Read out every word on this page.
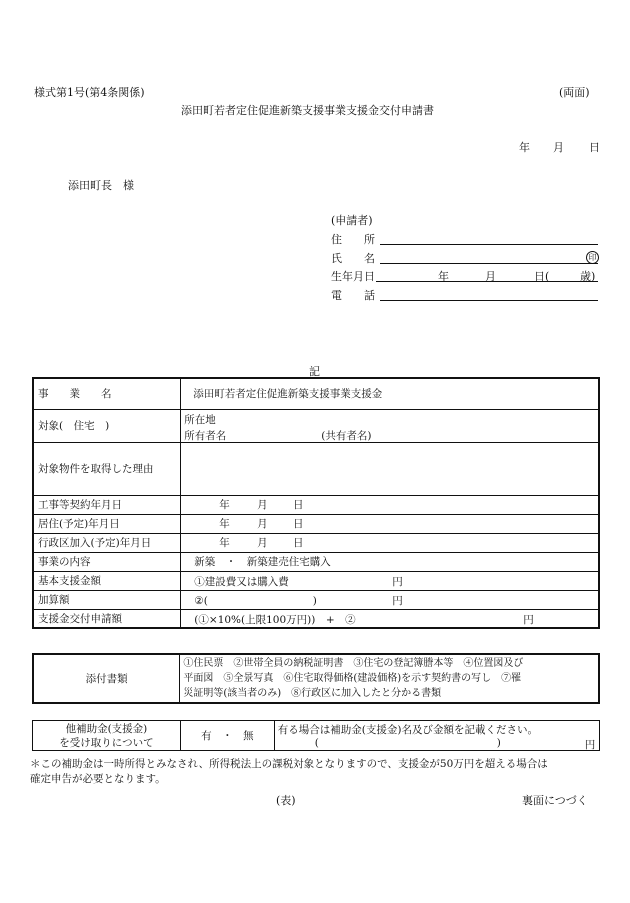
様式第1号(第4条関係)	(両面)
添田町若者定住促進新築支援事業支援金交付申請書
年 月 日
添田町長　様
(申請者)
住　　所
氏　　名	印
生年月日	年	月	日(	歳)
電　　話
記
事　　業　　名	添田町若者定住促進新築支援事業支援金
対象(　住宅　)	所在地
所有者名 (共有者名)

対象物件を取得した理由	
工事等契約年月日	年 月 日
居住(予定)年月日	年 月 日
行政区加入(予定)年月日	年 月 日
事業の内容	新築　・　新築建売住宅購入
基本支援金額	①建設費又は購入費 円

加算額	②(　　　　　　　　　　) 円

支援金交付申請額	(①×10%(上限100万円))　+　② 円
添付書類	
①住民票　②世帯全員の納税証明書　③住宅の登記簿謄本等　④位置図及び
平面図　⑤全景写真　⑥住宅取得価格(建設価格)を示す契約書の写し　⑦罹
災証明等(該当者のみ)　⑧行政区に加入したと分かる書類
他補助金(支援金)
を受け取りについて
	有　・　無	有る場合は補助金(支援金)名及び金額を記載ください。
(	)	円
＊この補助金は一時所得とみなされ、所得税法上の課税対象となりますので、支援金が50万円を超える場合は
確定申告が必要となります。
(表)	裏面につづく
